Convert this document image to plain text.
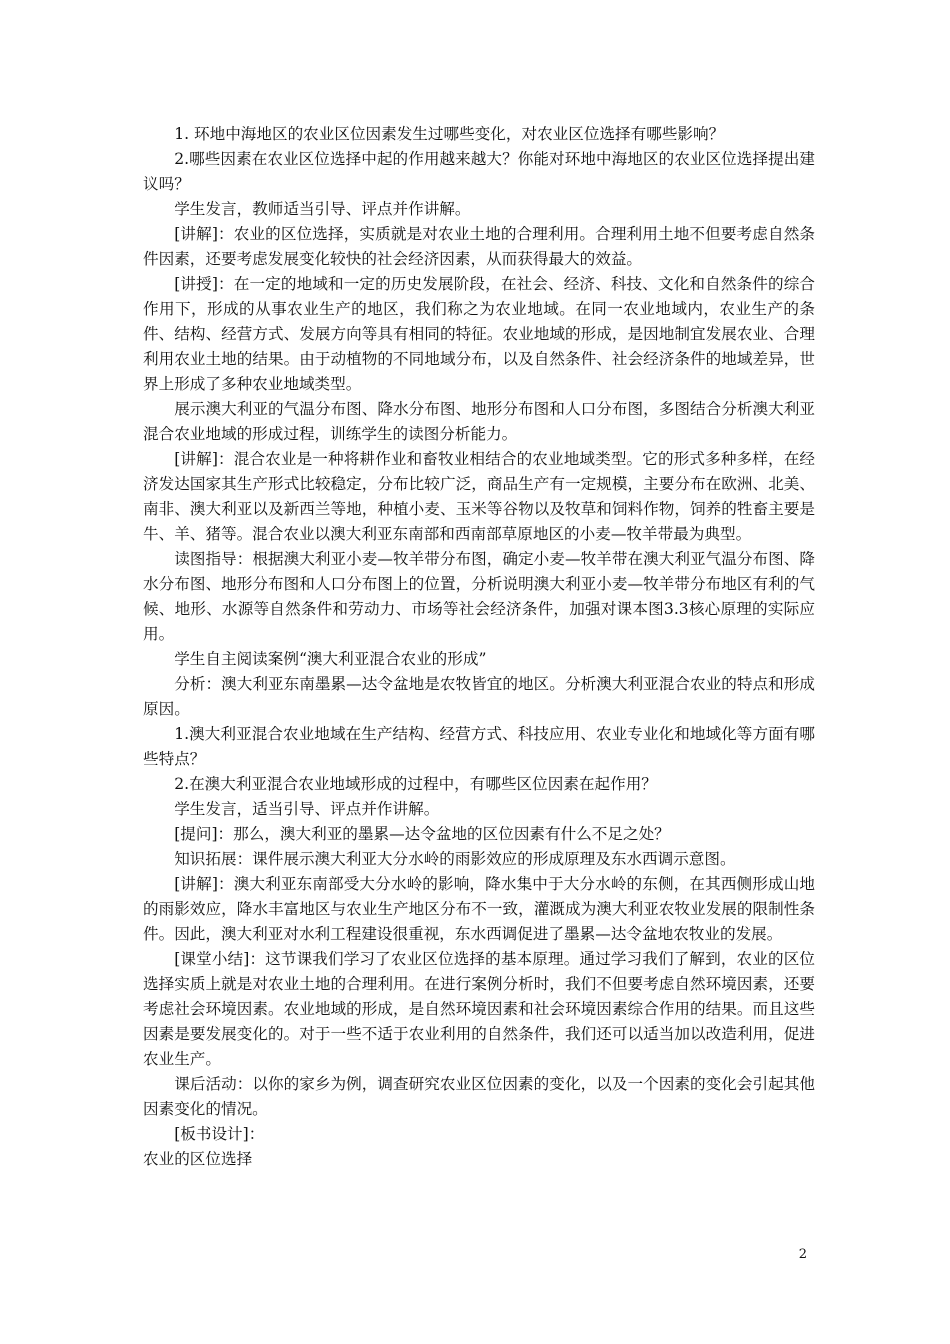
1. 环地中海地区的农业区位因素发生过哪些变化，对农业区位选择有哪些影响？

2.哪些因素在农业区位选择中起的作用越来越大？你能对环地中海地区的农业区位选择提出建议吗？

学生发言，教师适当引导、评点并作讲解。

[讲解]：农业的区位选择，实质就是对农业土地的合理利用。合理利用土地不但要考虑自然条件因素，还要考虑发展变化较快的社会经济因素，从而获得最大的效益。

[讲授]：在一定的地域和一定的历史发展阶段，在社会、经济、科技、文化和自然条件的综合作用下，形成的从事农业生产的地区，我们称之为农业地域。在同一农业地域内，农业生产的条件、结构、经营方式、发展方向等具有相同的特征。农业地域的形成，是因地制宜发展农业、合理利用农业土地的结果。由于动植物的不同地域分布，以及自然条件、社会经济条件的地域差异，世界上形成了多种农业地域类型。

展示澳大利亚的气温分布图、降水分布图、地形分布图和人口分布图，多图结合分析澳大利亚混合农业地域的形成过程，训练学生的读图分析能力。

[讲解]：混合农业是一种将耕作业和畜牧业相结合的农业地域类型。它的形式多种多样，在经济发达国家其生产形式比较稳定，分布比较广泛，商品生产有一定规模，主要分布在欧洲、北美、南非、澳大利亚以及新西兰等地，种植小麦、玉米等谷物以及牧草和饲料作物，饲养的牲畜主要是牛、羊、猪等。混合农业以澳大利亚东南部和西南部草原地区的小麦—牧羊带最为典型。

读图指导：根据澳大利亚小麦—牧羊带分布图，确定小麦—牧羊带在澳大利亚气温分布图、降水分布图、地形分布图和人口分布图上的位置，分析说明澳大利亚小麦—牧羊带分布地区有利的气候、地形、水源等自然条件和劳动力、市场等社会经济条件，加强对课本图3.3核心原理的实际应用。

学生自主阅读案例“澳大利亚混合农业的形成”

分析：澳大利亚东南墨累—达令盆地是农牧皆宜的地区。分析澳大利亚混合农业的特点和形成原因。

1.澳大利亚混合农业地域在生产结构、经营方式、科技应用、农业专业化和地域化等方面有哪些特点？

2.在澳大利亚混合农业地域形成的过程中，有哪些区位因素在起作用？

学生发言，适当引导、评点并作讲解。

[提问]：那么，澳大利亚的墨累—达令盆地的区位因素有什么不足之处？

知识拓展：课件展示澳大利亚大分水岭的雨影效应的形成原理及东水西调示意图。

[讲解]：澳大利亚东南部受大分水岭的影响，降水集中于大分水岭的东侧，在其西侧形成山地的雨影效应，降水丰富地区与农业生产地区分布不一致，灌溉成为澳大利亚农牧业发展的限制性条件。因此，澳大利亚对水利工程建设很重视，东水西调促进了墨累—达令盆地农牧业的发展。

[课堂小结]：这节课我们学习了农业区位选择的基本原理。通过学习我们了解到，农业的区位选择实质上就是对农业土地的合理利用。在进行案例分析时，我们不但要考虑自然环境因素，还要考虑社会环境因素。农业地域的形成，是自然环境因素和社会环境因素综合作用的结果。而且这些因素是要发展变化的。对于一些不适于农业利用的自然条件，我们还可以适当加以改造利用，促进农业生产。

课后活动：以你的家乡为例，调查研究农业区位因素的变化，以及一个因素的变化会引起其他因素变化的情况。

[板书设计]：

农业的区位选择

2
